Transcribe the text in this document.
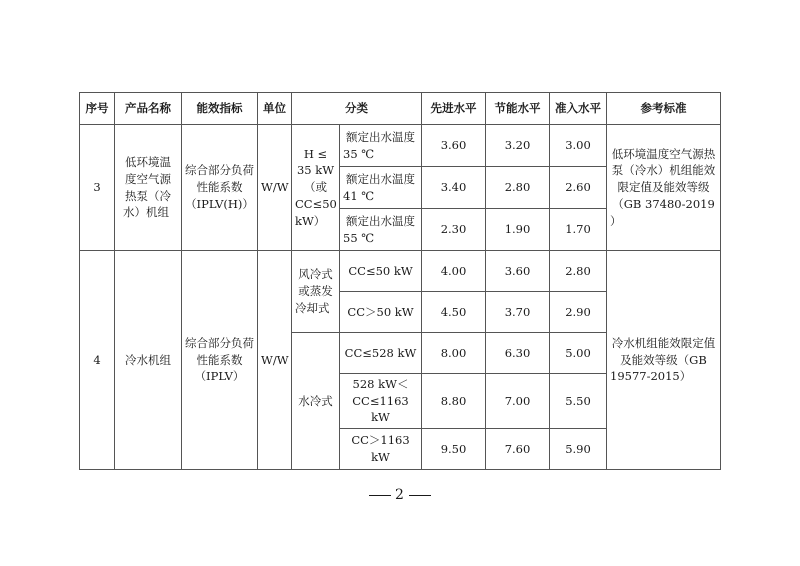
序号	产品名称	能效指标	单位	分类		先进水平	节能水平	准入水平	参考标准
3	低环境温度空气源热泵（冷水）机组	综合部分负荷性能系数（IPLV(H)）	W/W	H ≤ 35 kW（或CC≤50 kW）	额定出水温度35 ℃	3.60	3.20	3.00	低环境温度空气源热泵（冷水）机组能效限定值及能效等级（GB 37480-2019 ）
					额定出水温度41 ℃	3.40	2.80	2.60	
					额定出水温度55 ℃	2.30	1.90	1.70	
4	冷水机组	综合部分负荷性能系数（IPLV）	W/W	风冷式或蒸发冷却式	CC≤50 kW	4.00	3.60	2.80	冷水机组能效限定值及能效等级（GB 19577-2015）
					CC＞50 kW	4.50	3.70	2.90	
				水冷式	CC≤528 kW	8.00	6.30	5.00	
					528 kW＜CC≤1163 kW	8.80	7.00	5.50	
					CC＞1163 kW	9.50	7.60	5.90	
2
